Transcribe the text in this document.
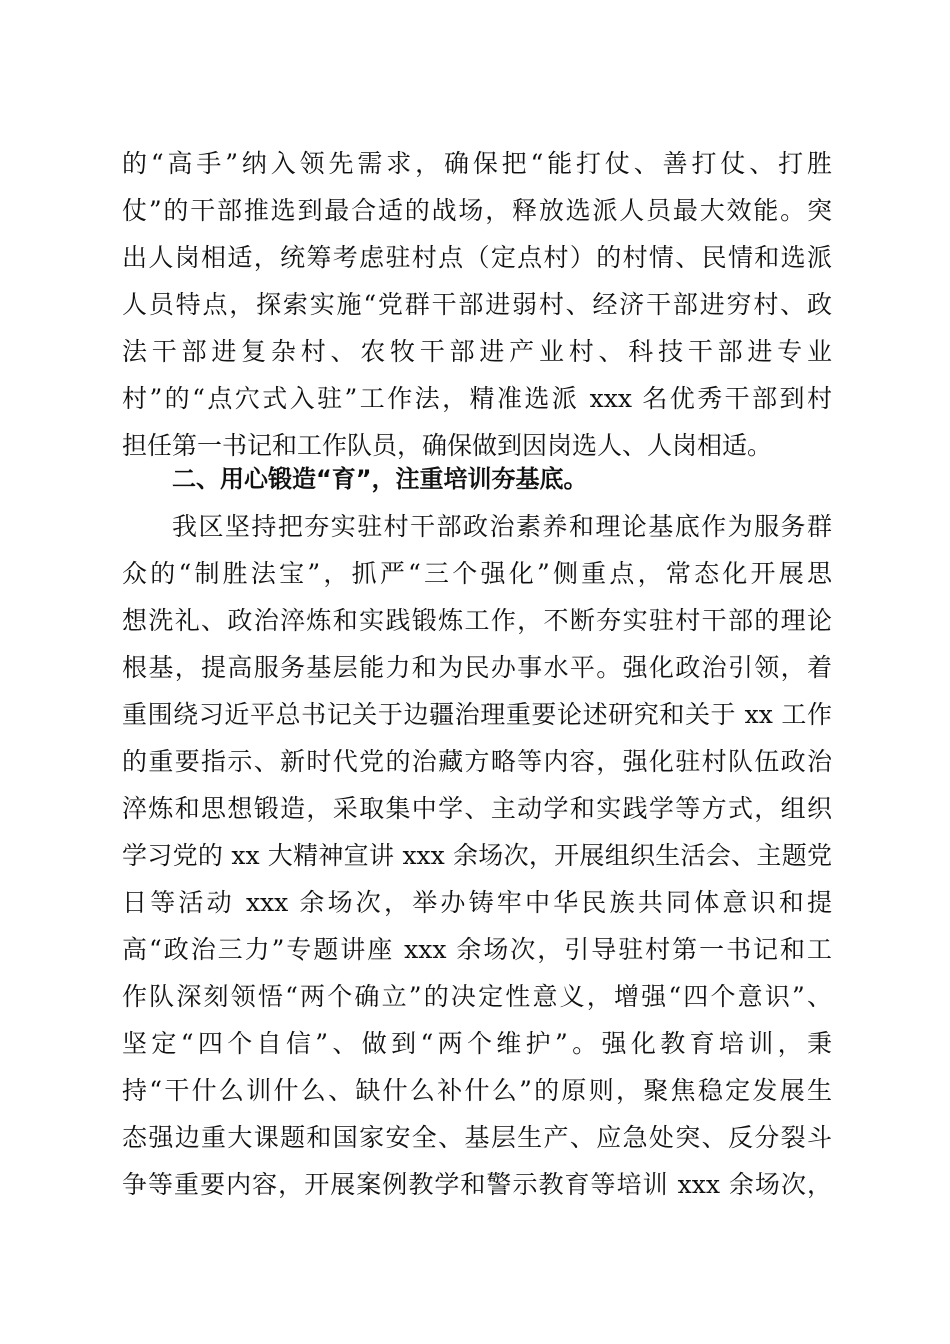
的“高手”纳入领先需求，确保把“能打仗、善打仗、打胜
仗”的干部推选到最合适的战场，释放选派人员最大效能。突
出人岗相适，统筹考虑驻村点（定点村）的村情、民情和选派
人员特点，探索实施“党群干部进弱村、经济干部进穷村、政
法干部进复杂村、农牧干部进产业村、科技干部进专业
村”的“点穴式入驻”工作法，精准选派 xxx 名优秀干部到村
担任第一书记和工作队员，确保做到因岗选人、人岗相适。
二、用心锻造“育”，注重培训夯基底。
我区坚持把夯实驻村干部政治素养和理论基底作为服务群
众的“制胜法宝”，抓严“三个强化”侧重点，常态化开展思
想洗礼、政治淬炼和实践锻炼工作，不断夯实驻村干部的理论
根基，提高服务基层能力和为民办事水平。强化政治引领，着
重围绕习近平总书记关于边疆治理重要论述研究和关于 xx 工作
的重要指示、新时代党的治藏方略等内容，强化驻村队伍政治
淬炼和思想锻造，采取集中学、主动学和实践学等方式，组织
学习党的 xx 大精神宣讲 xxx 余场次，开展组织生活会、主题党
日等活动 xxx 余场次，举办铸牢中华民族共同体意识和提
高“政治三力”专题讲座 xxx 余场次，引导驻村第一书记和工
作队深刻领悟“两个确立”的决定性意义，增强“四个意识”、
坚定“四个自信”、做到“两个维护”。强化教育培训，秉
持“干什么训什么、缺什么补什么”的原则，聚焦稳定发展生
态强边重大课题和国家安全、基层生产、应急处突、反分裂斗
争等重要内容，开展案例教学和警示教育等培训 xxx 余场次，
